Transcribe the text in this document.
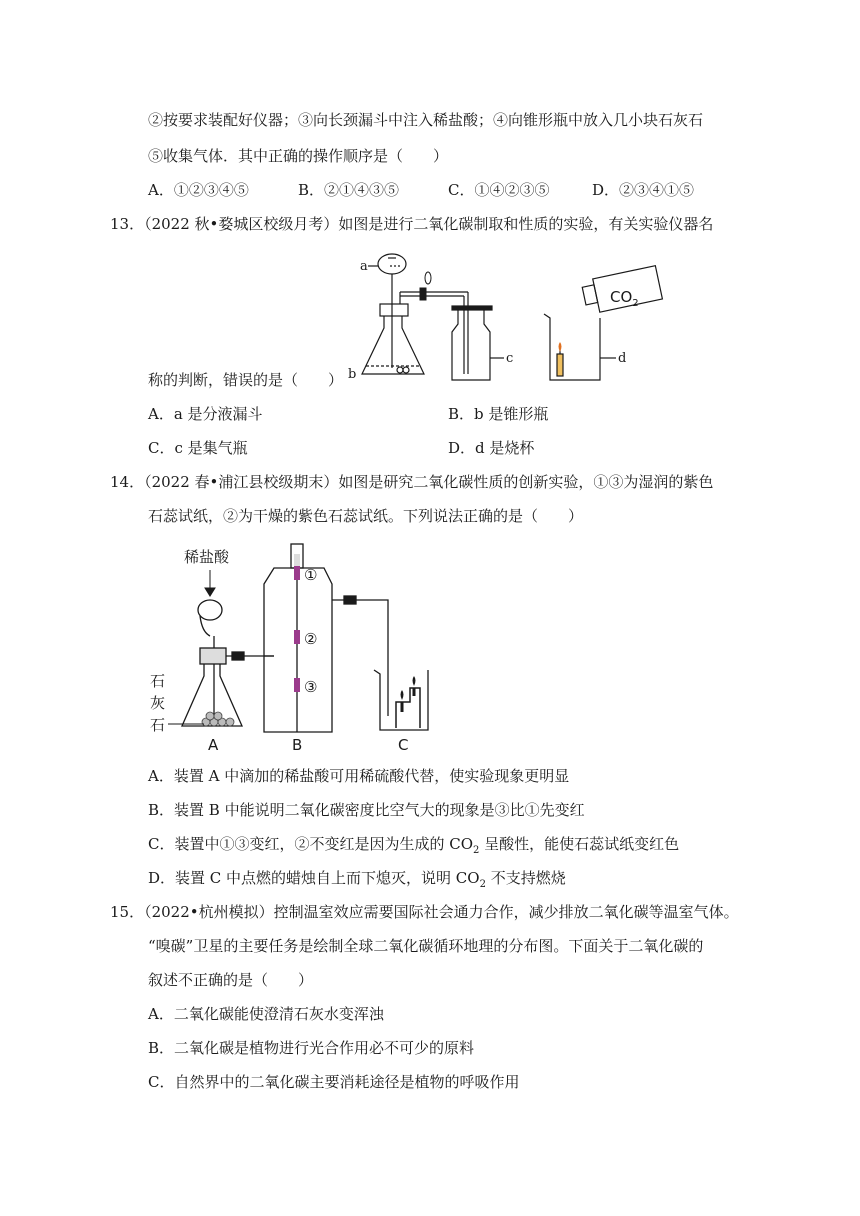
②按要求装配好仪器；③向长颈漏斗中注入稀盐酸；④向锥形瓶中放入几小块石灰石
⑤收集气体．其中正确的操作顺序是（　　）
A．①②③④⑤	B．②①④③⑤	C．①④②③⑤	D．②③④①⑤
13．（2022 秋•婺城区校级月考）如图是进行二氧化碳制取和性质的实验，有关实验仪器名
a
b
c	d
$CO_2$
称的判断，错误的是（　　）
A．a 是分液漏斗	B．b 是锥形瓶
C．c 是集气瓶	D．d 是烧杯
14．（2022 春•浦江县校级期末）如图是研究二氧化碳性质的创新实验，①③为湿润的紫色
石蕊试纸，②为干燥的紫色石蕊试纸。下列说法正确的是（　　）
稀盐酸
石
灰
石
A
①
②
③
B	C
A．装置 A 中滴加的稀盐酸可用稀硫酸代替，使实验现象更明显
B．装置 B 中能说明二氧化碳密度比空气大的现象是③比①先变红
C．装置中①③变红，②不变红是因为生成的 $CO_2$ 呈酸性，能使石蕊试纸变红色
D．装置 C 中点燃的蜡烛自上而下熄灭，说明 $CO_2$ 不支持燃烧
15．（2022•杭州模拟）控制温室效应需要国际社会通力合作，减少排放二氧化碳等温室气体。
“嗅碳”卫星的主要任务是绘制全球二氧化碳循环地理的分布图。下面关于二氧化碳的
叙述不正确的是（　　）
A．二氧化碳能使澄清石灰水变浑浊
B．二氧化碳是植物进行光合作用必不可少的原料
C．自然界中的二氧化碳主要消耗途径是植物的呼吸作用
